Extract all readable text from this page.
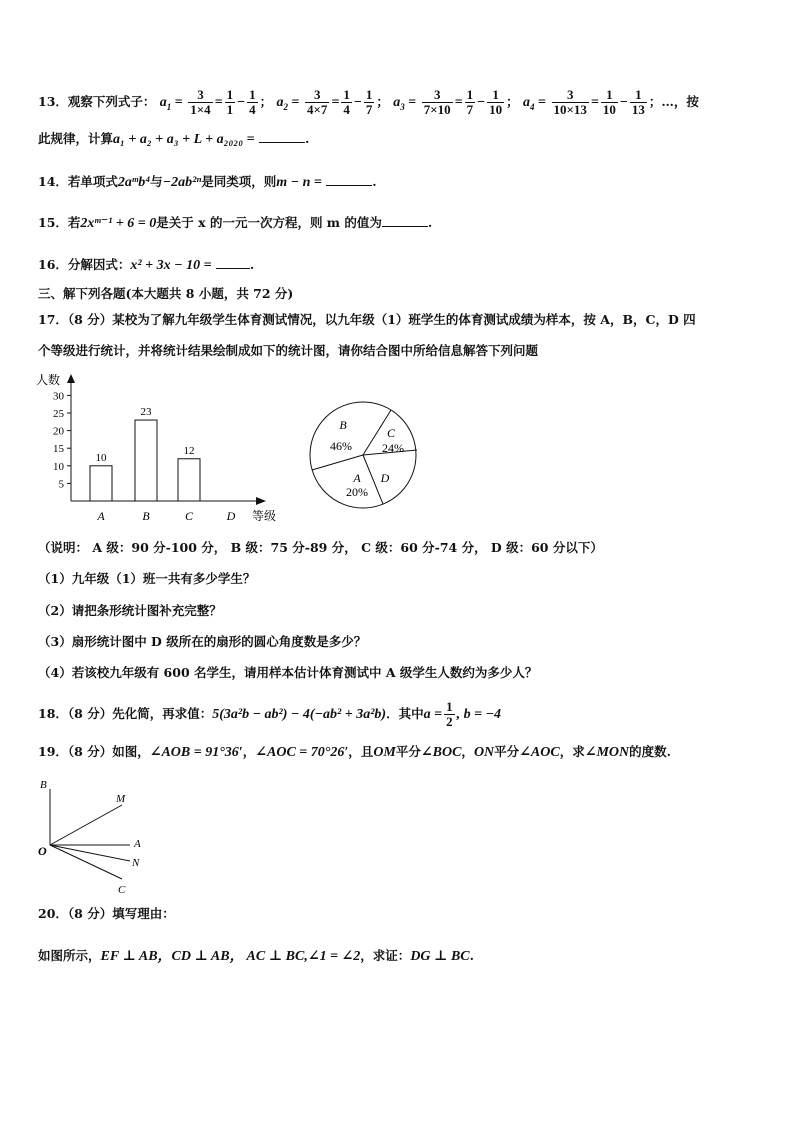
13．观察下列式子： $a_1 = \frac{3}{1\times 4} = \frac{1}{1} - \frac{1}{4}$ ； $a_2 = \frac{3}{4\times 7} = \frac{1}{4} - \frac{1}{7}$ ； $a_3 = \frac{3}{7\times 10} = \frac{1}{7} - \frac{1}{10}$ ； $a_4 = \frac{3}{10\times 13} = \frac{1}{10} - \frac{1}{13}$ ；…，按
此规律，计算a₁ + a₂ + a₃ + L + a₂₀₂₀ =	.
14．若单项式2aᵐb⁴与−2ab²ⁿ是同类项，则m − n =	.
15．若2xᵐ⁻¹ + 6 = 0是关于 x 的一元一次方程，则 m 的值为	.
16．分解因式：x² + 3x − 10 =	.
三、解下列各题(本大题共 8 小题，共 72 分)
17．（8 分）某校为了解九年级学生体育测试情况，以九年级（1）班学生的体育测试成绩为样本，按 A，B，C，D 四
个等级进行统计，并将统计结果绘制成如下的统计图，请你结合图中所给信息解答下列问题
人数
5
10
15
20
25
30
10
23
12
A	B	C	D 等级
B
46%
C
24%
A
20%
D
（说明： A 级：90 分-100 分， B 级：75 分-89 分， C 级：60 分-74 分， D 级：60 分以下）
（1）九年级（1）班一共有多少学生？
（2）请把条形统计图补充完整？
（3）扇形统计图中 D 级所在的扇形的圆心角度数是多少？
（4）若该校九年级有 600 名学生，请用样本估计体育测试中 A 级学生人数约为多少人？
18．（8 分）先化简，再求值：5(3a²b − ab²) − 4(−ab² + 3a²b)．其中$a = \frac{1}{2}$ , b = −4
19．（8 分）如图，∠AOB = 91°36′，∠AOC = 70°26′，且OM平分∠BOC，ON平分∠AOC，求∠MON的度数.
B
M
A
O
N
C
20．（8 分）填写理由：
如图所示，EF ⊥ AB，CD ⊥ AB， AC ⊥ BC,∠1 = ∠2，求证：DG ⊥ BC.
